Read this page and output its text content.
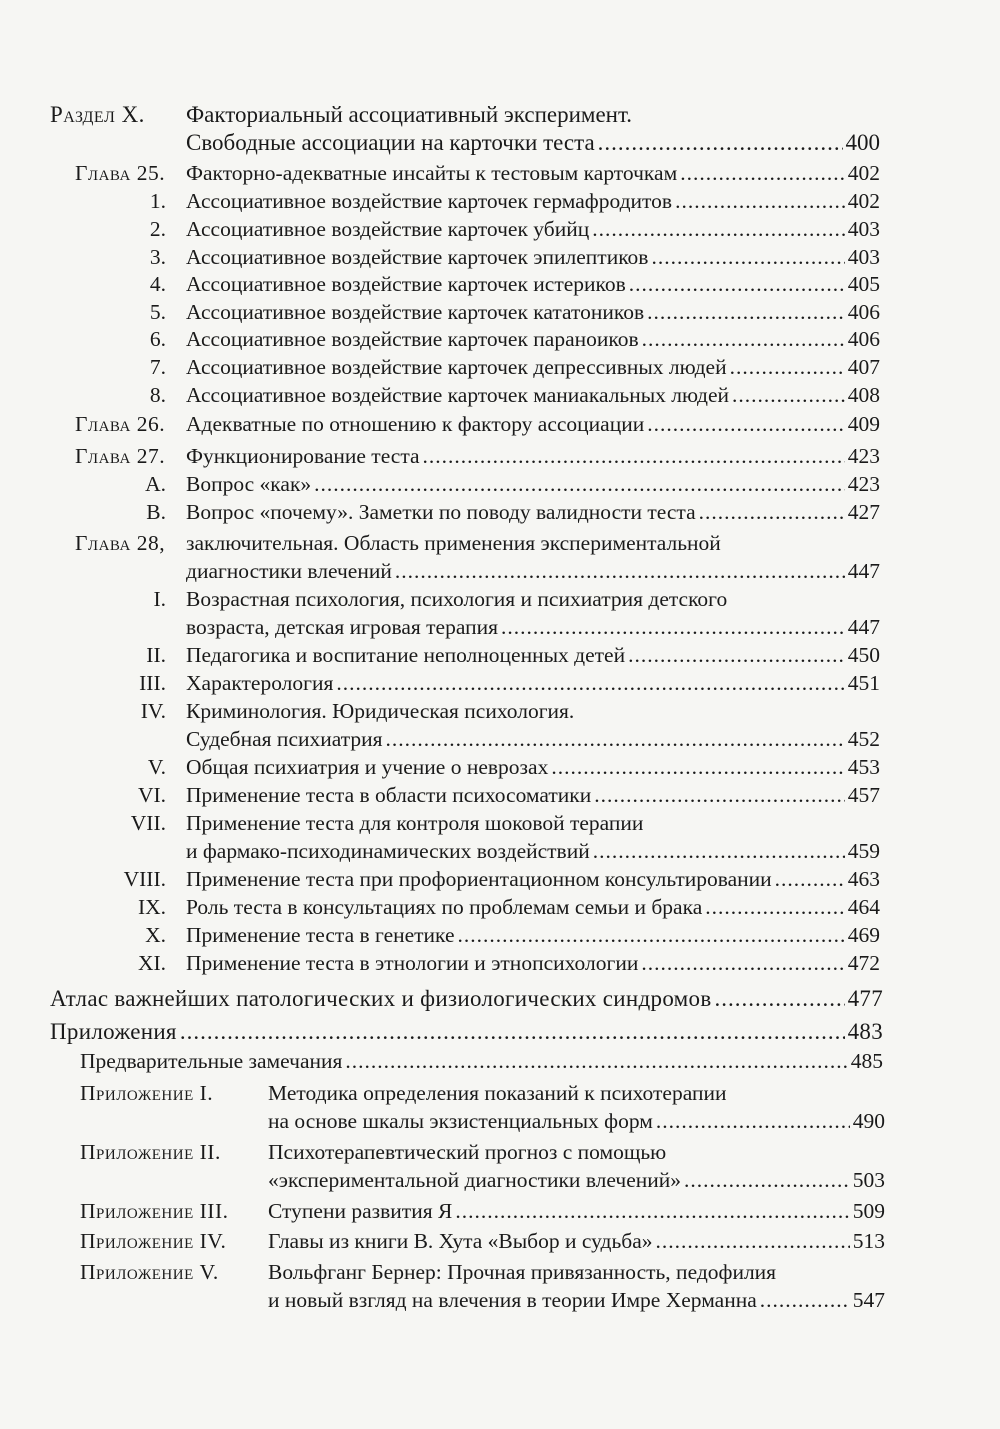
Раздел X. Факториальный ассоциативный эксперимент.
Свободные ассоциации на карточки теста .....	400
Глава 25. Факторно-адекватные инсайты к тестовым карточкам .....	402
1. Ассоциативное воздействие карточек гермафродитов .....	402
2. Ассоциативное воздействие карточек убийц .....	403
3. Ассоциативное воздействие карточек эпилептиков .....	403
4. Ассоциативное воздействие карточек истериков .....	405
5. Ассоциативное воздействие карточек кататоников .....	406
6. Ассоциативное воздействие карточек параноиков .....	406
7. Ассоциативное воздействие карточек депрессивных людей .....	407
8. Ассоциативное воздействие карточек маниакальных людей .....	408
Глава 26. Адекватные по отношению к фактору ассоциации .....	409
Глава 27. Функционирование теста .....	423
A. Вопрос «как» .....	423
B. Вопрос «почему». Заметки по поводу валидности теста .....	427
Глава 28, заключительная. Область применения экспериментальной
диагностики влечений .....	447
I. Возрастная психология, психология и психиатрия детского
возраста, детская игровая терапия .....	447
II. Педагогика и воспитание неполноценных детей .....	450
III. Характерология .....	451
IV. Криминология. Юридическая психология.
Судебная психиатрия .....	452
V. Общая психиатрия и учение о неврозах .....	453
VI. Применение теста в области психосоматики .....	457
VII. Применение теста для контроля шоковой терапии
и фармако-психодинамических воздействий .....	459
VIII. Применение теста при профориентационном консультировании .....	463
IX. Роль теста в консультациях по проблемам семьи и брака .....	464
X. Применение теста в генетике .....	469
XI. Применение теста в этнологии и этнопсихологии .....	472
Атлас важнейших патологических и физиологических синдромов .....	477
Приложения .....	483
Предварительные замечания .....	485
Приложение I.	Методика определения показаний к психотерапии
на основе шкалы экзистенциальных форм .....	490
Приложение II. Психотерапевтический прогноз с помощью
«экспериментальной диагностики влечений» .....	503
Приложение III. Ступени развития Я .....	509
Приложение IV. Главы из книги В. Хута «Выбор и судьба» .....	513
Приложение V. Вольфганг Бернер: Прочная привязанность, педофилия
и новый взгляд на влечения в теории Имре Херманна .....	547
